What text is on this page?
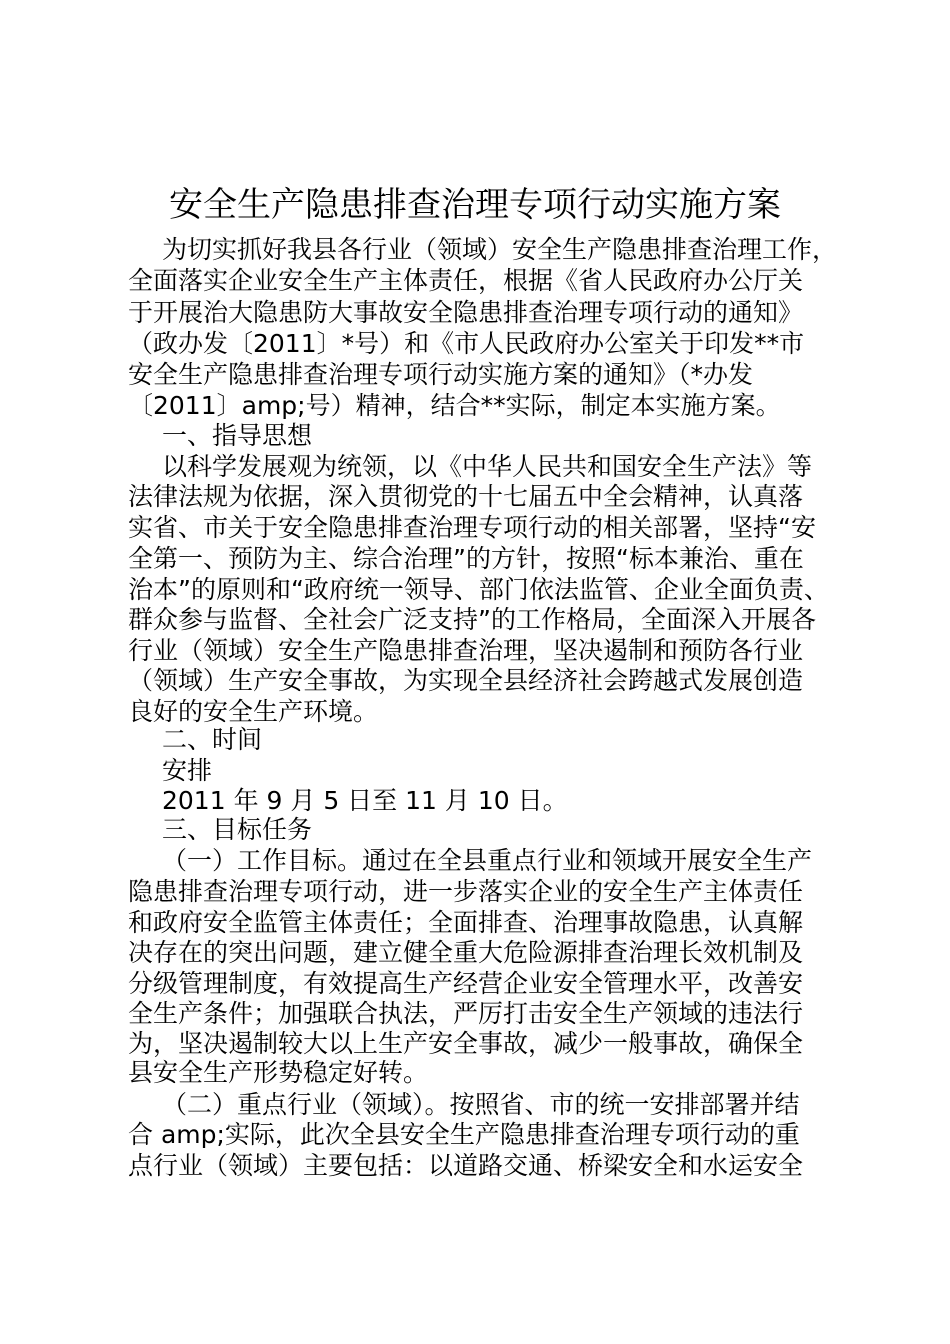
安全生产隐患排查治理专项行动实施方案
为切实抓好我县各行业（领域）安全生产隐患排查治理工作，
全面落实企业安全生产主体责任，根据《省人民政府办公厅关
于开展治大隐患防大事故安全隐患排查治理专项行动的通知》
（政办发〔2011〕*号）和《市人民政府办公室关于印发**市
安全生产隐患排查治理专项行动实施方案的通知》（*办发
〔2011〕amp;号）精神，结合**实际，制定本实施方案。
一、指导思想
以科学发展观为统领，以《中华人民共和国安全生产法》等
法律法规为依据，深入贯彻党的十七届五中全会精神，认真落
实省、市关于安全隐患排查治理专项行动的相关部署，坚持“安
全第一、预防为主、综合治理”的方针，按照“标本兼治、重在
治本”的原则和“政府统一领导、部门依法监管、企业全面负责、
群众参与监督、全社会广泛支持”的工作格局，全面深入开展各
行业（领域）安全生产隐患排查治理，坚决遏制和预防各行业
（领域）生产安全事故，为实现全县经济社会跨越式发展创造
良好的安全生产环境。
二、时间
安排
2011 年 9 月 5 日至 11 月 10 日。
三、目标任务
（一）工作目标。通过在全县重点行业和领域开展安全生产
隐患排查治理专项行动，进一步落实企业的安全生产主体责任
和政府安全监管主体责任；全面排查、治理事故隐患，认真解
决存在的突出问题，建立健全重大危险源排查治理长效机制及
分级管理制度，有效提高生产经营企业安全管理水平，改善安
全生产条件；加强联合执法，严厉打击安全生产领域的违法行
为，坚决遏制较大以上生产安全事故，减少一般事故，确保全
县安全生产形势稳定好转。
（二）重点行业（领域）。按照省、市的统一安排部署并结
合 amp;实际，此次全县安全生产隐患排查治理专项行动的重
点行业（领域）主要包括：以道路交通、桥梁安全和水运安全
